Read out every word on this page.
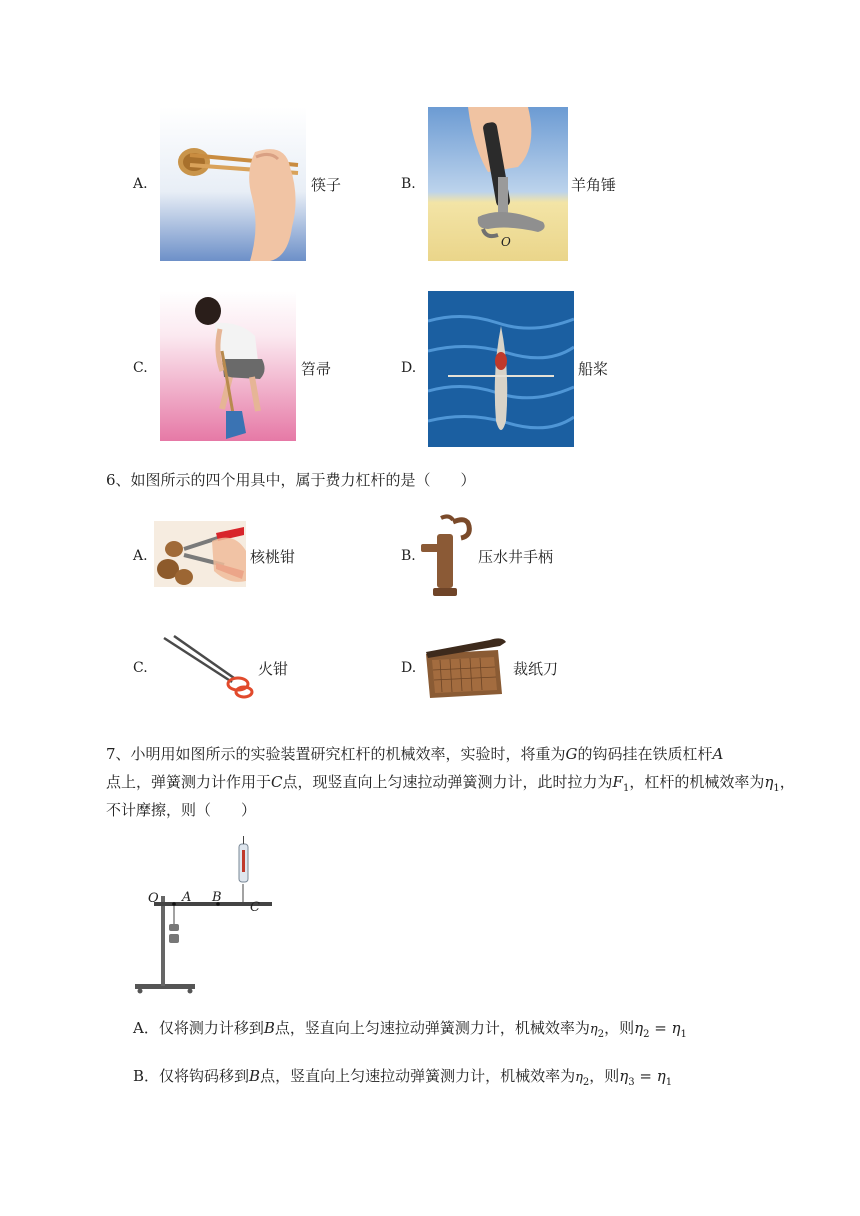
A.	筷子	B.
O
羊角锤
C.	笤帚	D.	船桨
6、如图所示的四个用具中，属于费力杠杆的是（　　）
A.	核桃钳	B.	压水井手柄
C.	火钳	D.	裁纸刀
7、小明用如图所示的实验装置研究杠杆的机械效率，实验时，将重为G的钩码挂在铁质杠杆A
点上，弹簧测力计作用于C点，现竖直向上匀速拉动弹簧测力计，此时拉力为$F_1$，杠杆的机械效率为$\eta_1$，
不计摩擦，则（　　）
O A B
C
A．仅将测力计移到B点，竖直向上匀速拉动弹簧测力计，机械效率为$\eta_2$，则$\eta_2 = \eta_1$
B．仅将钩码移到B点，竖直向上匀速拉动弹簧测力计，机械效率为$\eta_2$，则$\eta_3 = \eta_1$
